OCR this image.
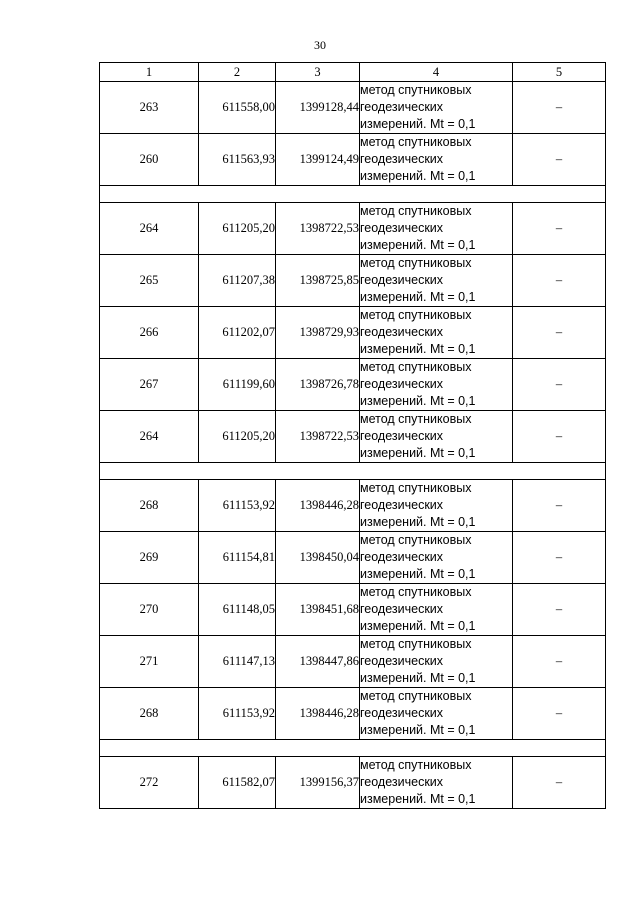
30
1	2	3	4	5
263	611558,00	1399128,44	метод спутниковых
геодезических
измерений. Mt = 0,1	–
260	611563,93	1399124,49	метод спутниковых
геодезических
измерений. Mt = 0,1	–

264	611205,20	1398722,53	метод спутниковых
геодезических
измерений. Mt = 0,1	–
265	611207,38	1398725,85	метод спутниковых
геодезических
измерений. Mt = 0,1	–
266	611202,07	1398729,93	метод спутниковых
геодезических
измерений. Mt = 0,1	–
267	611199,60	1398726,78	метод спутниковых
геодезических
измерений. Mt = 0,1	–
264	611205,20	1398722,53	метод спутниковых
геодезических
измерений. Mt = 0,1	–

268	611153,92	1398446,28	метод спутниковых
геодезических
измерений. Mt = 0,1	–
269	611154,81	1398450,04	метод спутниковых
геодезических
измерений. Mt = 0,1	–
270	611148,05	1398451,68	метод спутниковых
геодезических
измерений. Mt = 0,1	–
271	611147,13	1398447,86	метод спутниковых
геодезических
измерений. Mt = 0,1	–
268	611153,92	1398446,28	метод спутниковых
геодезических
измерений. Mt = 0,1	–

272	611582,07	1399156,37	метод спутниковых
геодезических
измерений. Mt = 0,1	–
